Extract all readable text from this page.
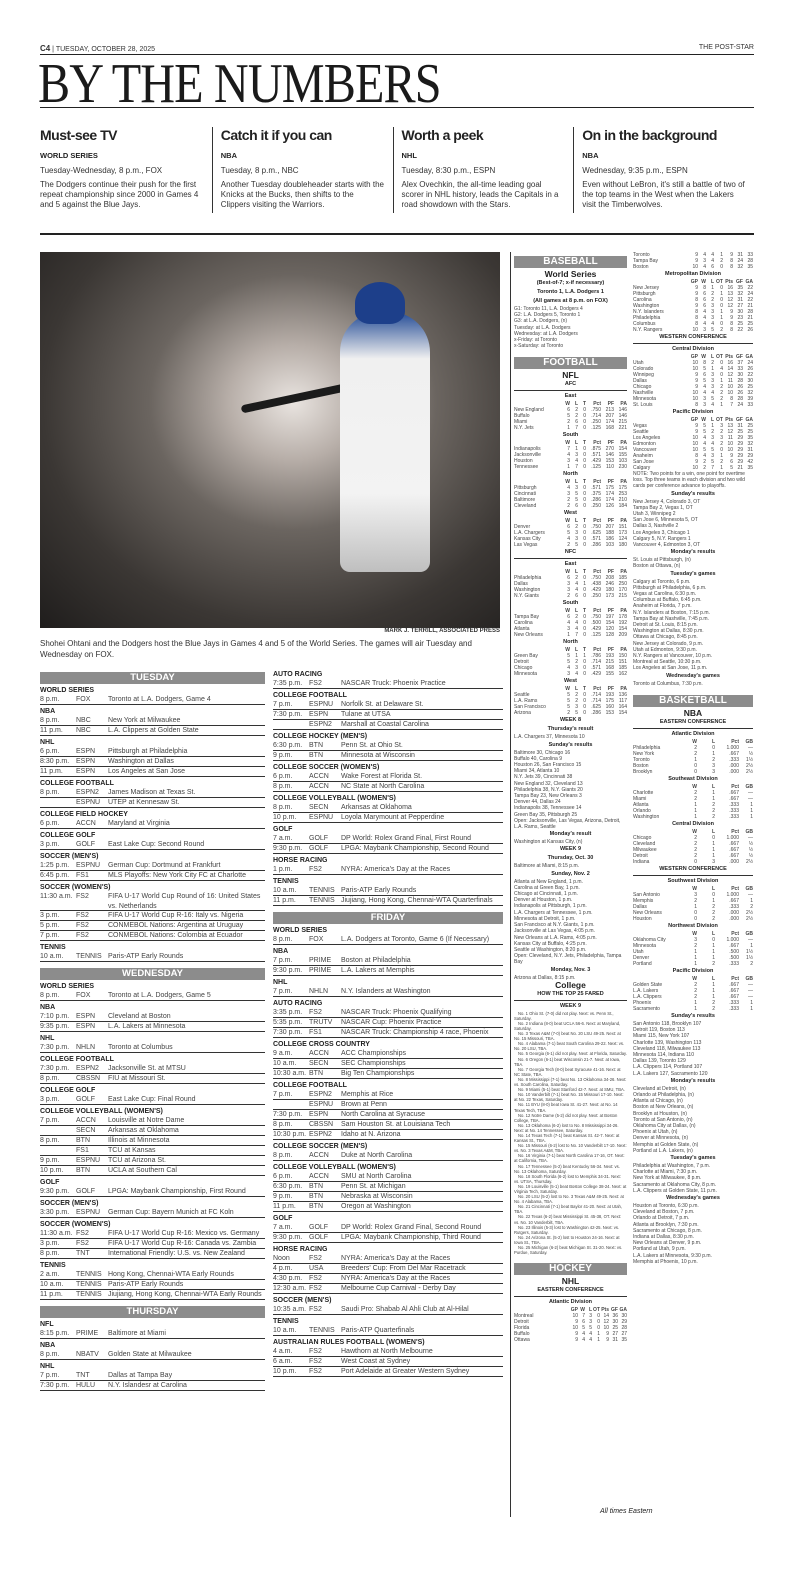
C4 | TUESDAY, OCTOBER 28, 2025	THE POST-STAR
BY THE NUMBERS
Must-see TV
WORLD SERIES
Tuesday-Wednesday, 8 p.m., FOX

The Dodgers continue their push for the first repeat championship since 2000 in Games 4 and 5 against the Blue Jays.

Catch it if you can
NBA
Tuesday, 8 p.m., NBC

Another Tuesday doubleheader starts with the Knicks at the Bucks, then shifts to the Clippers visiting the Warriors.

Worth a peek
NHL
Tuesday, 8:30 p.m., ESPN

Alex Ovechkin, the all-time leading goal scorer in NHL history, leads the Capitals in a road showdown with the Stars.

On in the background
NBA
Wednesday, 9:35 p.m., ESPN

Even without LeBron, it's still a battle of two of the top teams in the West when the Lakers visit the Timberwolves.

MARK J. TERRILL, ASSOCIATED PRESS
Shohei Ohtani and the Dodgers host the Blue Jays in Games 4 and 5 of the World Series. The games will air Tuesday and Wednesday on FOX.
TUESDAY
WORLD SERIES
8 p.m.	FOX	Toronto at L.A. Dodgers, Game 4
NBA
8 p.m.	NBC	New York at Milwaukee
11 p.m.	NBC	L.A. Clippers at Golden State
NHL
6 p.m.	ESPN	Pittsburgh at Philadelphia
8:30 p.m. ESPN	Washington at Dallas
11 p.m.	ESPN	Los Angeles at San Jose
COLLEGE FOOTBALL
8 p.m.	ESPN2	James Madison at Texas St.
ESPNU	UTEP at Kennesaw St.
COLLEGE FIELD HOCKEY
6 p.m.	ACCN	Maryland at Virginia
COLLEGE GOLF
3 p.m.	GOLF	East Lake Cup: Second Round
SOCCER (MEN'S)
1:25 p.m. ESPNU	German Cup: Dortmund at Frankfurt
6:45 p.m. FS1	MLS Playoffs: New York City FC at Charlotte
SOCCER (WOMEN'S)
11:30 a.m. FS2	FIFA U-17 World Cup Round of 16: United States vs. Netherlands
3 p.m.	FS2	FIFA U-17 World Cup R-16: Italy vs. Nigeria
5 p.m.	FS2	CONMEBOL Nations: Argentina at Uruguay
7 p.m.	FS2	CONMEBOL Nations: Colombia at Ecuador
TENNIS
10 a.m.	TENNIS Paris-ATP Early Rounds
WEDNESDAY
WORLD SERIES
8 p.m.	FOX	Toronto at L.A. Dodgers, Game 5
NBA
7:10 p.m. ESPN	Cleveland at Boston
9:35 p.m. ESPN	L.A. Lakers at Minnesota
NHL
7:30 p.m. NHLN	Toronto at Columbus
COLLEGE FOOTBALL
7:30 p.m. ESPN2	Jacksonville St. at MTSU
8 p.m.	CBSSN	FIU at Missouri St.
COLLEGE GOLF
3 p.m.	GOLF	East Lake Cup: Final Round
COLLEGE VOLLEYBALL (WOMEN'S)
7 p.m.	ACCN	Louisville at Notre Dame
SECN	Arkansas at Oklahoma
8 p.m.	BTN	Illinois at Minnesota
FS1	TCU at Kansas
9 p.m.	ESPNU	TCU at Arizona St.
10 p.m.	BTN	UCLA at Southern Cal
GOLF
9:30 p.m. GOLF	LPGA: Maybank Championship, First Round
SOCCER (MEN'S)
3:30 p.m. ESPNU	German Cup: Bayern Munich at FC Koln
SOCCER (WOMEN'S)
11:30 a.m. FS2	FIFA U-17 World Cup R-16: Mexico vs. Germany
3 p.m.	FS2	FIFA U-17 World Cup R-16: Canada vs. Zambia
8 p.m.	TNT	International Friendly: U.S. vs. New Zealand
TENNIS
2 a.m.	TENNIS Hong Kong, Chennai-WTA Early Rounds
10 a.m.	TENNIS Paris-ATP Early Rounds
11 p.m.	TENNIS Jiujiang, Hong Kong, Chennai-WTA Early Rounds
THURSDAY
NFL
8:15 p.m. PRIME	Baltimore at Miami
NBA
8 p.m.	NBATV	Golden State at Milwaukee
NHL
7 p.m.	TNT	Dallas at Tampa Bay
7:30 p.m. HULU	N.Y. Islandesr at Carolina
AUTO RACING
7:35 p.m. FS2	NASCAR Truck: Phoenix Practice
COLLEGE FOOTBALL
7 p.m.	ESPNU	Norfolk St. at Delaware St.
7:30 p.m. ESPN	Tulane at UTSA
ESPN2	Marshall at Coastal Carolina
COLLEGE HOCKEY (MEN'S)
6:30 p.m. BTN	Penn St. at Ohio St.
9 p.m.	BTN	Minnesota at Wisconsin
COLLEGE SOCCER (WOMEN'S)
6 p.m.	ACCN	Wake Forest at Florida St.
8 p.m.	ACCN	NC State at North Carolina
COLLEGE VOLLEYBALL (WOMEN'S)
8 p.m.	SECN	Arkansas at Oklahoma
10 p.m.	ESPNU	Loyola Marymount at Pepperdine
GOLF
7 a.m.	GOLF	DP World: Rolex Grand Final, First Round
9:30 p.m. GOLF	LPGA: Maybank Championship, Second Round
HORSE RACING
1 p.m.	FS2	NYRA: America's Day at the Races
TENNIS
10 a.m.	TENNIS Paris-ATP Early Rounds
11 p.m.	TENNIS Jiujiang, Hong Kong, Chennai-WTA Quarterfinals
FRIDAY
WORLD SERIES
8 p.m.	FOX	L.A. Dodgers at Toronto, Game 6 (If Necessary)
NBA
7 p.m.	PRIME	Boston at Philadelphia
9:30 p.m. PRIME	L.A. Lakers at Memphis
NHL
7 p.m.	NHLN	N.Y. Islanders at Washington
AUTO RACING
3:35 p.m. FS2	NASCAR Truck: Phoenix Qualifying
5:35 p.m. TRUTV	NASCAR Cup: Phoenix Practice
7:30 p.m. FS1	NASCAR Truck: Championship 4 race, Phoenix
COLLEGE CROSS COUNTRY
9 a.m.	ACCN	ACC Championships
10 a.m.	SECN	SEC Championships
10:30 a.m. BTN	Big Ten Championships
COLLEGE FOOTBALL
7 p.m.	ESPN2	Memphis at Rice
ESPNU	Brown at Penn
7:30 p.m. ESPN	North Carolina at Syracuse
8 p.m.	CBSSN	Sam Houston St. at Louisiana Tech
10:30 p.m. ESPN2	Idaho at N. Arizona
COLLEGE SOCCER (MEN'S)
8 p.m.	ACCN	Duke at North Carolina
COLLEGE VOLLEYBALL (WOMEN'S)
6 p.m.	ACCN	SMU at North Carolina
6:30 p.m. BTN	Penn St. at Michigan
9 p.m.	BTN	Nebraska at Wisconsin
11 p.m.	BTN	Oregon at Washington
GOLF
7 a.m.	GOLF	DP World: Rolex Grand Final, Second Round
9:30 p.m. GOLF	LPGA: Maybank Championship, Third Round
HORSE RACING
Noon	FS2	NYRA: America's Day at the Races
4 p.m.	USA	Breeders' Cup: From Del Mar Racetrack
4:30 p.m. FS2	NYRA: America's Day at the Races
12:30 a.m. FS2	Melbourne Cup Carnival - Derby Day
SOCCER (MEN'S)
10:35 a.m. FS2	Saudi Pro: Shabab Al Ahli Club at Al-Hilal
TENNIS
10 a.m.	TENNIS Paris-ATP Quarterfinals
AUSTRALIAN RULES FOOTBALL (WOMEN'S)
4 a.m.	FS2	Hawthorn at North Melbourne
6 a.m.	FS2	West Coast at Sydney
10 p.m.	FS2	Port Adelaide at Greater Western Sydney
BASEBALL
World Series
(Best-of-7; x-if necessary)
Toronto 1, L.A. Dodgers 1
(All games at 8 p.m. on FOX)
G1: Toronto 11, L.A. Dodgers 4
G2: L.A. Dodgers 5, Toronto 1
G3: at L.A. Dodgers, (n)
Tuesday: at L.A. Dodgers
Wednesday: at L.A. Dodgers
x-Friday: at Toronto
x-Saturday: at Toronto
FOOTBALL
NFL
AFC
East
W L T	Pct	PF	PA
New England	6	2	0	.750 213 146
Buffalo	5	2	0	.714 207 146
Miami	2	6	0	.250 174 215
N.Y. Jets	1	7	0	.125 168 221
South
W L T	Pct	PF	PA
Indianapolis	7	1	0	.875 270 154
Jacksonville	4	3	0	.571 146 155
Houston	3	4	0	.429 153 103
Tennessee	1	7	0	.125	110 230
North
W L T	Pct	PF	PA
Pittsburgh	4	3	0	.571 175 175
Cincinnati	3	5	0	.375 174 253
Baltimore	2	5	0	.286 174 210
Cleveland	2	6	0	.250 126 184
West
W L T	Pct	PF	PA
Denver	6	2	0	.750 207 151
L.A. Chargers	5	3	0	.625 188 173
Kansas City	4	3	0	.571 186 124
Las Vegas	2	5	0	.286 103 180
NFC
East
W L T	Pct	PF	PA
Philadelphia	6	2	0	.750 208 185
Dallas	3	4	1	.438 246 250
Washington	3	4	0	.429 180 170
N.Y. Giants	2	6	0	.250 173 215
South
W L T	Pct	PF	PA
Tampa Bay	6	2	0	.750 197 178
Carolina	4	4	0	.500 154 192
Atlanta	3	4	0	.429 120 154
New Orleans	1	7	0	.125 128 209
North
W L T	Pct	PF	PA
Green Bay	5	1	1	.786 193 150
Detroit	5	2	0	.714 215 151
Chicago	4	3	0	.571 168 185
Minnesota	3	4	0	.429 155 162
West
W L T	Pct	PF	PA
Seattle	5	2	0	.714 193 136
L.A. Rams	5	2	0	.714 175	117
San Francisco	5	3	0	.625 160 164
Arizona	2	5	0	.286 153 154
WEEK 8
Thursday's result
L.A. Chargers 37, Minnesota 10
Sunday's results
Baltimore 30, Chicago 16
Buffalo 40, Carolina 9
Houston 26, San Francisco 15
Miami 34, Atlanta 10
N.Y. Jets 39, Cincinnati 38
New England 32, Cleveland 13
Philadelphia 38, N.Y. Giants 20
Tampa Bay 23, New Orleans 3
Denver 44, Dallas 24
Indianapolis 38, Tennessee 14
Green Bay 35, Pittsburgh 25
Open: Jacksonville, Las Vegas, Arizona, Detroit, L.A. Rams, Seattle
Monday's result
Washington at Kansas City, (n)
WEEK 9
Thursday, Oct. 30
Baltimore at Miami, 8:15 p.m.
Sunday, Nov. 2
Atlanta at New England, 1 p.m.
Carolina at Green Bay, 1 p.m.
Chicago at Cincinnati, 1 p.m.
Denver at Houston, 1 p.m.
Indianapolis at Pittsburgh, 1 p.m.
L.A. Chargers at Tennessee, 1 p.m.
Minnesota at Detroit, 1 p.m.
San Francisco at N.Y. Giants, 1 p.m.
Jacksonville at Las Vegas, 4:05 p.m.
New Orleans at L.A. Rams, 4:05 p.m.
Kansas City at Buffalo, 4:25 p.m.
Seattle at Washington, 8:20 p.m.
Open: Cleveland, N.Y. Jets, Philadelphia, Tampa Bay
Monday, Nov. 3
Arizona at Dallas, 8:15 p.m.
College
HOW THE TOP 25 FARED
WEEK 9
No. 1 Ohio St. (7-0) did not play. Next: vs. Penn St., Saturday.
No. 2 Indiana (8-0) beat UCLA 56-6. Next: at Maryland, Saturday.
No. 3 Texas A&M (7-0) beat No. 20 LSU 49-25. Next: at No. 15 Missouri, TBA.
No. 4 Alabama (7-1) beat South Carolina 29-22. Next: vs. No. 20 LSU, TBA.
No. 5 Georgia (6-1) did not play. Next: at Florida, Saturday.
No. 6 Oregon (6-1) beat Wisconsin 21-7. Next: at Iowa, TBA.
No. 7 Georgia Tech (8-0) beat Syracuse 41-16. Next: at NC State, TBA.
No. 8 Mississippi (7-1) beat No. 13 Oklahoma 34-26. Next: vs. South Carolina, Saturday.
No. 9 Miami (5-1) beat Stanford 42-7. Next: at SMU, TBA.
No. 10 Vanderbilt (7-1) beat No. 15 Missouri 17-10. Next: at No. 22 Texas, Saturday.
No. 11 BYU (8-0) beat Iowa St. 41-27. Next: at No. 14 Texas Tech, TBA.
No. 12 Notre Dame (5-2) did not play. Next: at Boston College, TBA.
No. 13 Oklahoma (6-2) lost to No. 8 Mississippi 34-26. Next: at No. 14 Tennessee, Saturday.
No. 14 Texas Tech (7-1) beat Kansas St. 42-7. Next: at Kansas St., TBA.
No. 15 Missouri (6-2) lost to No. 10 Vanderbilt 17-10. Next: vs. No. 3 Texas A&M, TBA.
No. 16 Virginia (7-1) beat North Carolina 17-16, OT. Next: at California, TBA.
No. 17 Tennessee (5-2) beat Kentucky 56-34. Next: vs. No. 13 Oklahoma, Saturday.
No. 18 South Florida (6-2) lost to Memphis 34-31. Next: vs. UTSA, Thursday.
No. 19 Louisville (5-1) beat Boston College 38-24. Next: at Virginia Tech, Saturday.
No. 20 LSU (5-2) lost to No. 3 Texas A&M 49-25. Next: at No. 4 Alabama, TBA.
No. 21 Cincinnati (7-1) beat Baylor 41-20. Next: at Utah, TBA.
No. 22 Texas (6-2) beat Mississippi St. 45-38, OT. Next: vs. No. 10 Vanderbilt, TBA.
No. 23 Illinois (5-3) lost to Washington 42-25. Next: vs. Rutgers, Saturday.
No. 24 Arizona St. (5-2) lost to Houston 24-16. Next: at Iowa St., TBA.
No. 25 Michigan (6-2) beat Michigan St. 31-20. Next: vs. Purdue, Saturday.
HOCKEY
NHL
EASTERN CONFERENCE
Atlantic Division
GP W L OT Pts GF GA
Montreal	10 7 3	0 14 36 30
Detroit	9 6 3	0 12 30 29
Florida	10 5 5	0 10 25 28
Buffalo	9 4 4	1	9 27 27
Ottawa	9 4 4	1	9 31 35
Toronto	9	4	4	1	9 31 33
Tampa Bay	9	3	4	2	8 24 28
Boston	10	4	6	0	8 32 35
Metropolitan Division
GP W L OT Pts GF GA
New Jersey	9	8	1	0 16 35 22
Pittsburgh	9	6	2	1 13 32 24
Carolina	8	6	2	0 12 31 22
Washington	9	6	3	0 12 27 21
N.Y. Islanders	8	4	3	1	9 30 28
Philadelphia	8	4	3	1	9 23 21
Columbus	8	4	4	0	8 25 25
N.Y. Rangers	10	3	5	2	8 22 26
WESTERN CONFERENCE
Central Division
GP W L OT Pts GF GA
Utah	10	8	2	0 16 37 24
Colorado	10	5	1	4 14 33 26
Winnipeg	9	6	3	0 12 30 22
Dallas	9	5	3	1 11 28 30
Chicago	9	4	3	2 10 26 25
Nashville	10	4	4	2 10 26 32
Minnesota	10	3	5	2	8 28 39
St. Louis	8	3	4	1	7 24 33
Pacific Division
GP W L OT Pts GF GA
Vegas	9	5	1	3 13 31 25
Seattle	9	5	2	2 12 25 25
Los Angeles	10	4	3	3 11 29 35
Edmonton	10	4	4	2 10 29 32
Vancouver	10	5	5	0 10 29 31
Anaheim	8	4	3	1	9 29 29
San Jose	9	2	5	2	6 29 42
Calgary	10	2	7	1	5 21 35
NOTE: Two points for a win, one point for overtime loss. Top three teams in each division and two wild cards per conference advance to playoffs.
Sunday's results
New Jersey 4, Colorado 3, OT
Tampa Bay 2, Vegas 1, OT
Utah 3, Winnipeg 2
San Jose 6, Minnesota 5, OT
Dallas 3, Nashville 2
Los Angeles 3, Chicago 1
Calgary 5, N.Y. Rangers 1
Vancouver 4, Edmonton 3, OT
Monday's results
St. Louis at Pittsburgh, (n)
Boston at Ottawa, (n)
Tuesday's games
Calgary at Toronto, 6 p.m.
Pittsburgh at Philadelphia, 6 p.m.
Vegas at Carolina, 6:30 p.m.
Columbus at Buffalo, 6:45 p.m.
Anaheim at Florida, 7 p.m.
N.Y. Islanders at Boston, 7:15 p.m.
Tampa Bay at Nashville, 7:45 p.m.
Detroit at St. Louis, 8:15 p.m.
Washington at Dallas, 8:30 p.m.
Ottawa at Chicago, 8:45 p.m.
New Jersey at Colorado, 9 p.m.
Utah at Edmonton, 9:30 p.m.
N.Y. Rangers at Vancouver, 10 p.m.
Montreal at Seattle, 10:30 p.m.
Los Angeles at San Jose, 11 p.m.
Wednesday's games
Toronto at Columbus, 7:30 p.m.
BASKETBALL
NBA
EASTERN CONFERENCE
Atlantic Division
W	L	Pct	GB
Philadelphia	2	0	1.000	—
New York	2	1	.667	½
Toronto	1	2	.333	1½
Boston	0	3	.000	2½
Brooklyn	0	3	.000	2½
Southeast Division
W	L	Pct	GB
Charlotte	2	1	.667	—
Miami	2	1	.667	—
Atlanta	1	2	.333	1
Orlando	1	2	.333	1
Washington	1	2	.333	1
Central Division
W	L	Pct	GB
Chicago	2	0	1.000	—
Cleveland	2	1	.667	½
Milwaukee	2	1	.667	½
Detroit	2	1	.667	½
Indiana	0	3	.000	2½
WESTERN CONFERENCE
Southwest Division
W	L	Pct	GB
San Antonio	3	0	1.000	—
Memphis	2	1	.667	1
Dallas	1	2	.333	2
New Orleans	0	2	.000	2½
Houston	0	2	.000	2½
Northwest Division
W	L	Pct	GB
Oklahoma City	3	0	1.000	—
Minnesota	2	1	.667	1
Utah	1	1	.500	1½
Denver	1	1	.500	1½
Portland	1	2	.333	2
Pacific Division
W	L	Pct	GB
Golden State	2	1	.667	—
L.A. Lakers	2	1	.667	—
L.A. Clippers	2	1	.667	—
Phoenix	1	2	.333	1
Sacramento	1	2	.333	1
Sunday's results
San Antonio 118, Brooklyn 107
Detroit 119, Boston 113
Miami 115, New York 107
Charlotte 139, Washington 113
Cleveland 118, Milwaukee 113
Minnesota 114, Indiana 110
Dallas 139, Toronto 129
L.A. Clippers 114, Portland 107
L.A. Lakers 127, Sacramento 120
Monday's results
Cleveland at Detroit, (n)
Orlando at Philadelphia, (n)
Atlanta at Chicago, (n)
Boston at New Orleans, (n)
Brooklyn at Houston, (n)
Toronto at San Antonio, (n)
Oklahoma City at Dallas, (n)
Phoenix at Utah, (n)
Denver at Minnesota, (n)
Memphis at Golden State, (n)
Portland at L.A. Lakers, (n)
Tuesday's games
Philadelphia at Washington, 7 p.m.
Charlotte at Miami, 7:30 p.m.
New York at Milwaukee, 8 p.m.
Sacramento at Oklahoma City, 8 p.m.
L.A. Clippers at Golden State, 11 p.m.
Wednesday's games
Houston at Toronto, 6:30 p.m.
Cleveland at Boston, 7 p.m.
Orlando at Detroit, 7 p.m.
Atlanta at Brooklyn, 7:30 p.m.
Sacramento at Chicago, 8 p.m.
Indiana at Dallas, 8:30 p.m.
New Orleans at Denver, 9 p.m.
Portland at Utah, 9 p.m.
L.A. Lakers at Minnesota, 9:30 p.m.
Memphis at Phoenix, 10 p.m.
All times Eastern
